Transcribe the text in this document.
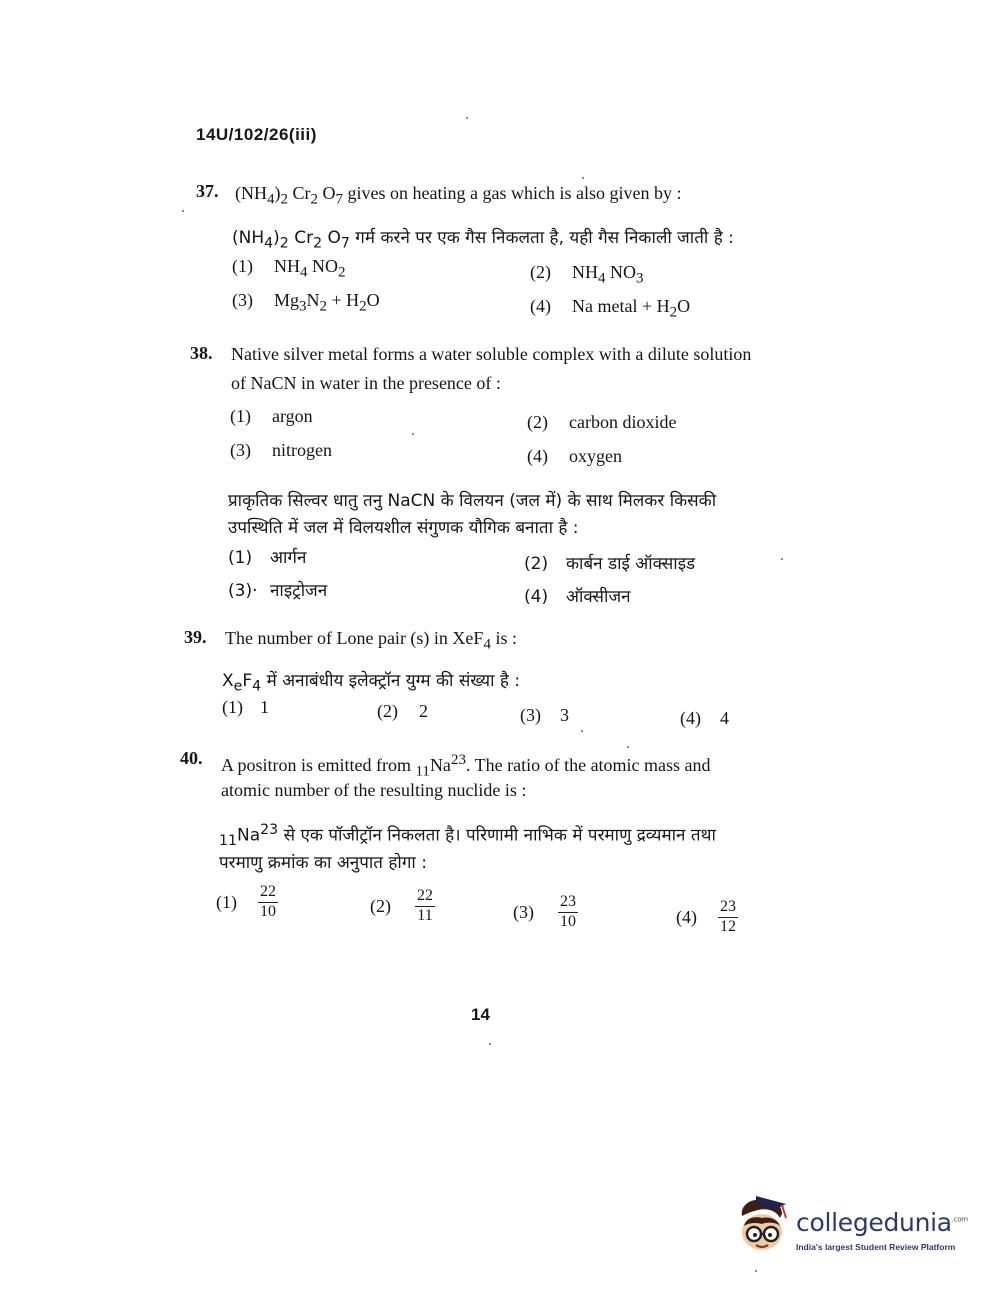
14U/102/26(iii)
37. $(NH_4)_2$ $Cr_2$ $O_7$ gives on heating a gas which is also given by :
$(NH_4)_2$ $Cr_2$ $O_7$ गर्म करने पर एक गैस निकलता है, यही गैस निकाली जाती है :
(1) $NH_4$ $NO_2$	(2) $NH_4$ $NO_3$
(3) $Mg_3N_2 + H_2O$	(4) Na metal + $H_2O$
38. Native silver metal forms a water soluble complex with a dilute solution
of NaCN in water in the presence of :
(1) argon	(2) carbon dioxide
(3) nitrogen	(4) oxygen
प्राकृतिक सिल्वर धातु तनु NaCN के विलयन (जल में) के साथ मिलकर किसकी
उपस्थिति में जल में विलयशील संगुणक यौगिक बनाता है :
(1) आर्गन	(2) कार्बन डाई ऑक्साइड
(3)· नाइट्रोजन	(4) ऑक्सीजन
39. The number of Lone pair (s) in XeF$_4$ is :
$X_eF_4$ में अनाबंधीय इलेक्ट्रॉन युग्म की संख्या है :
(1) 1	(2) 2	(3) 3	(4) 4
40. A positron is emitted from $_{11}Na^{23}$. The ratio of the atomic mass and
atomic number of the resulting nuclide is :
$_{11}Na^{23}$ से एक पॉजीट्रॉन निकलता है। परिणामी नाभिक में परमाणु द्रव्यमान तथा
परमाणु क्रमांक का अनुपात होगा :
$(1) \frac{22}{10}$	$(2) \frac{22}{11}$	$(3) \frac{23}{10}$	$(4) \frac{23}{12}$
14
collegedunia$^{.com}$
India's largest Student Review Platform
